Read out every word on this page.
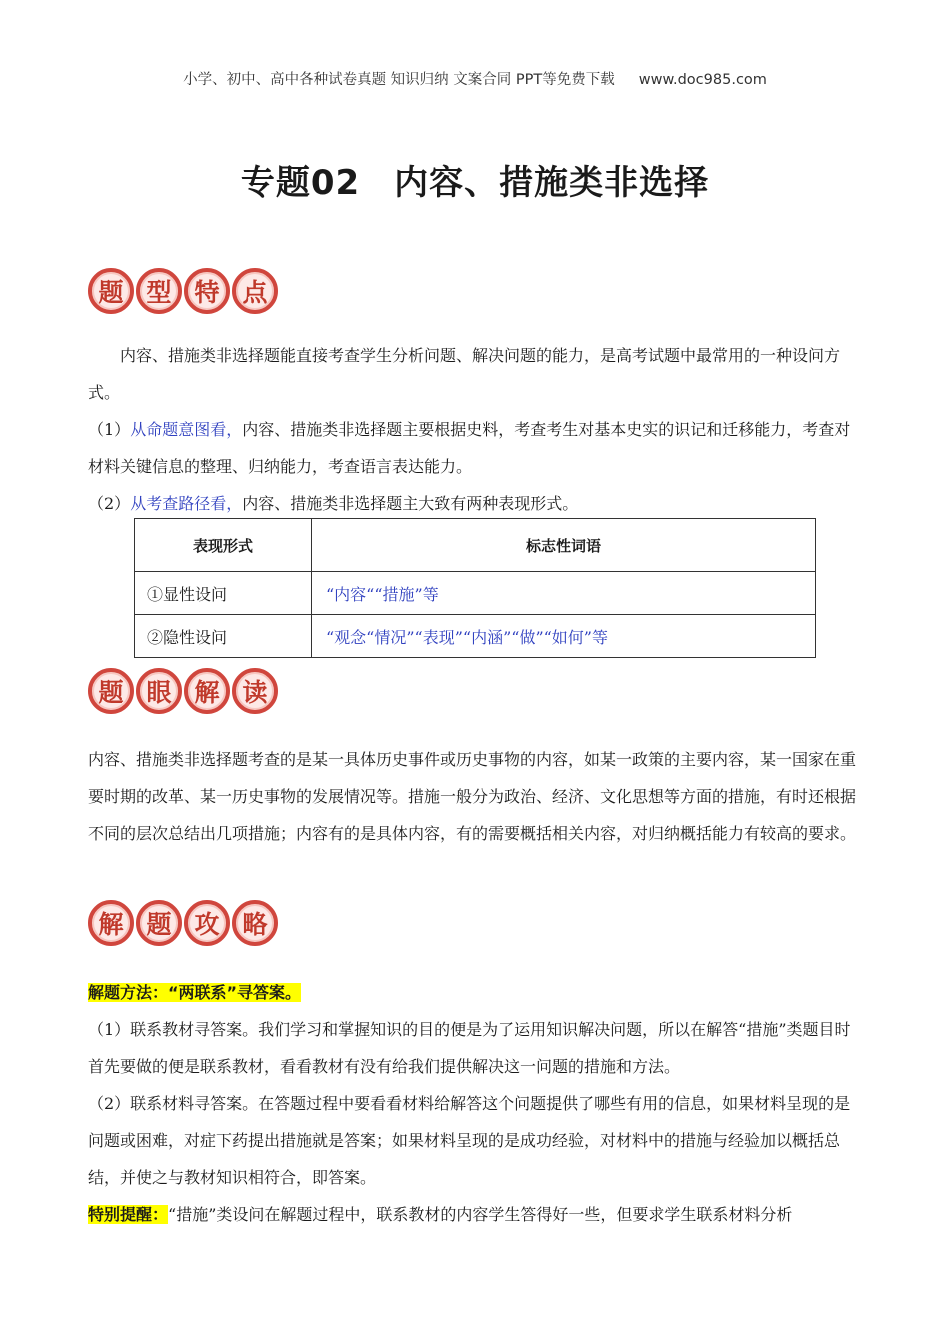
小学、初中、高中各种试卷真题 知识归纳 文案合同 PPT等免费下载 www.doc985.com
专题02 内容、措施类非选择
题 型 特 点
内容、措施类非选择题能直接考查学生分析问题、解决问题的能力，是高考试题中最常用的一种设问方式。
（1）从命题意图看，内容、措施类非选择题主要根据史料，考查考生对基本史实的识记和迁移能力，考查对材料关键信息的整理、归纳能力，考查语言表达能力。
（2）从考查路径看，内容、措施类非选择题主大致有两种表现形式。
表现形式	标志性词语
①显性设问	“内容““措施”等
②隐性设问	“观念“情况”“表现”“内涵”“做”“如何”等
题 眼 解 读
内容、措施类非选择题考查的是某一具体历史事件或历史事物的内容，如某一政策的主要内容，某一国家在重要时期的改革、某一历史事物的发展情况等。措施一般分为政治、经济、文化思想等方面的措施，有时还根据不同的层次总结出几项措施；内容有的是具体内容，有的需要概括相关内容，对归纳概括能力有较高的要求。
解 题 攻 略
解题方法：“两联系”寻答案。
（1）联系教材寻答案。我们学习和掌握知识的目的便是为了运用知识解决问题，所以在解答“措施”类题目时首先要做的便是联系教材，看看教材有没有给我们提供解决这一问题的措施和方法。
（2）联系材料寻答案。在答题过程中要看看材料给解答这个问题提供了哪些有用的信息，如果材料呈现的是问题或困难，对症下药提出措施就是答案；如果材料呈现的是成功经验，对材料中的措施与经验加以概括总结，并使之与教材知识相符合，即答案。
特别提醒：“措施”类设问在解题过程中，联系教材的内容学生答得好一些，但要求学生联系材料分析
